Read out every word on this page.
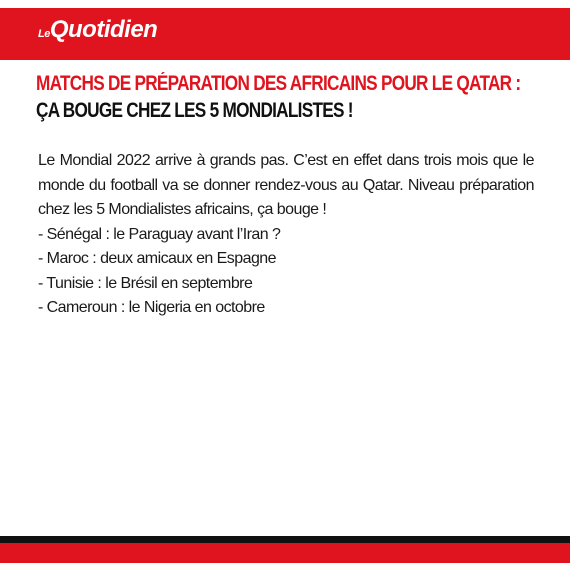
LeQuotidien
MATCHS DE PRÉPARATION DES AFRICAINS POUR LE QATAR :
ÇA BOUGE CHEZ LES 5 MONDIALISTES !

Le Mondial 2022 arrive à grands pas. C’est en effet dans trois mois que le monde du football va se donner rendez-vous au Qatar. Niveau préparation chez les 5 Mondialistes africains, ça bouge !

- Sénégal : le Paraguay avant l’Iran ?
- Maroc : deux amicaux en Espagne
- Tunisie : le Brésil en septembre
- Cameroun : le Nigeria en octobre
